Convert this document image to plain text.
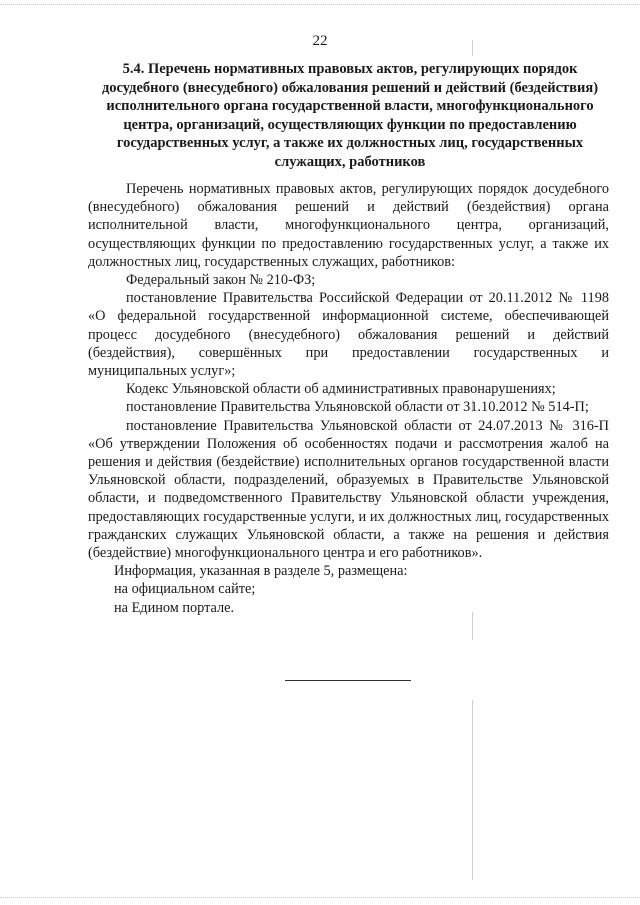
22
5.4. Перечень нормативных правовых актов, регулирующих порядок досудебного (внесудебного) обжалования решений и действий (бездействия) исполнительного органа государственной власти, многофункционального центра, организаций, осуществляющих функции по предоставлению государственных услуг, а также их должностных лиц, государственных служащих, работников

Перечень нормативных правовых актов, регулирующих порядок досудебного (внесудебного) обжалования решений и действий (бездействия) органа исполнительной власти, многофункционального центра, организаций, осуществляющих функции по предоставлению государственных услуг, а также их должностных лиц, государственных служащих, работников:

Федеральный закон № 210-ФЗ;

постановление Правительства Российской Федерации от 20.11.2012 № 1198 «О федеральной государственной информационной системе, обеспечивающей процесс досудебного (внесудебного) обжалования решений и действий (бездействия), совершённых при предоставлении государственных и муниципальных услуг»;

Кодекс Ульяновской области об административных правонарушениях;

постановление Правительства Ульяновской области от 31.10.2012 № 514-П;

постановление Правительства Ульяновской области от 24.07.2013 № 316-П «Об утверждении Положения об особенностях подачи и рассмотрения жалоб на решения и действия (бездействие) исполнительных органов государственной власти Ульяновской области, подразделений, образуемых в Правительстве Ульяновской области, и подведомственного Правительству Ульяновской области учреждения, предоставляющих государственные услуги, и их должностных лиц, государственных гражданских служащих Ульяновской области, а также на решения и действия (бездействие) многофункционального центра и его работников».

Информация, указанная в разделе 5, размещена:

на официальном сайте;

на Едином портале.
